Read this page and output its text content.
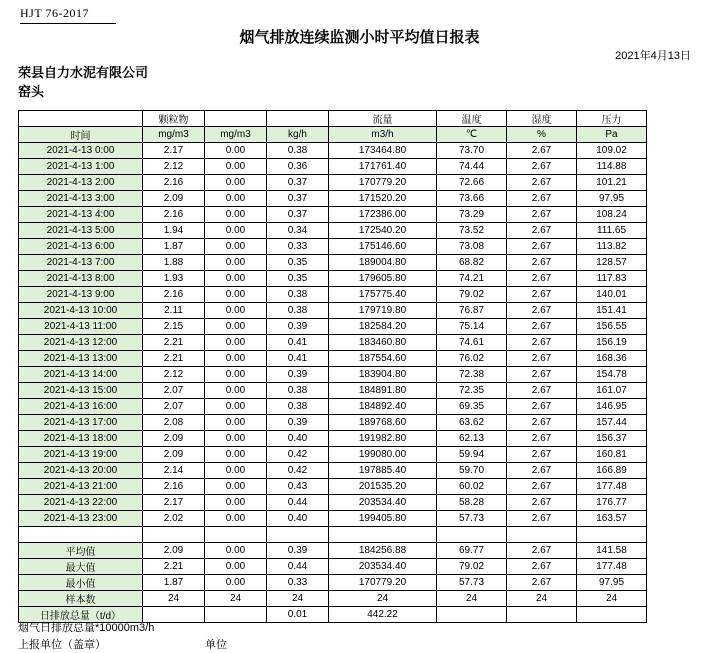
HJT 76-2017
烟气排放连续监测小时平均值日报表
2021年4月13日
荣县自力水泥有限公司
窑头
	颗粒物			流量	温度	湿度	压力
时间	mg/m3	mg/m3	kg/h	m3/h	℃	%	Pa
2021-4-13 0:00	2.17	0.00	0.38	173464.80	73.70	2.67	109.02
2021-4-13 1:00	2.12	0.00	0.36	171761.40	74.44	2.67	114.88
2021-4-13 2:00	2.16	0.00	0.37	170779.20	72.66	2.67	101.21
2021-4-13 3:00	2.09	0.00	0.37	171520.20	73.66	2.67	97.95
2021-4-13 4:00	2.16	0.00	0.37	172386.00	73.29	2.67	108.24
2021-4-13 5:00	1.94	0.00	0.34	172540.20	73.52	2.67	111.65
2021-4-13 6:00	1.87	0.00	0.33	175146.60	73.08	2.67	113.82
2021-4-13 7:00	1.88	0.00	0.35	189004.80	68.82	2.67	128.57
2021-4-13 8:00	1.93	0.00	0.35	179605.80	74.21	2.67	117.83
2021-4-13 9:00	2.16	0.00	0.38	175775.40	79.02	2.67	140.01
2021-4-13 10:00	2.11	0.00	0.38	179719.80	76.87	2.67	151.41
2021-4-13 11:00	2.15	0.00	0.39	182584.20	75.14	2.67	156.55
2021-4-13 12:00	2.21	0.00	0.41	183460.80	74.61	2.67	156.19
2021-4-13 13:00	2.21	0.00	0.41	187554.60	76.02	2.67	168.36
2021-4-13 14:00	2.12	0.00	0.39	183904.80	72.38	2.67	154.78
2021-4-13 15:00	2.07	0.00	0.38	184891.80	72.35	2.67	161.07
2021-4-13 16:00	2.07	0.00	0.38	184892.40	69.35	2.67	146.95
2021-4-13 17:00	2.08	0.00	0.39	189768.60	63.62	2.67	157.44
2021-4-13 18:00	2.09	0.00	0.40	191982.80	62.13	2.67	156.37
2021-4-13 19:00	2.09	0.00	0.42	199080.00	59.94	2.67	160.81
2021-4-13 20:00	2.14	0.00	0.42	197885.40	59.70	2.67	166.89
2021-4-13 21:00	2.16	0.00	0.43	201535.20	60.02	2.67	177.48
2021-4-13 22:00	2.17	0.00	0.44	203534.40	58.28	2.67	176.77
2021-4-13 23:00	2.02	0.00	0.40	199405.80	57.73	2.67	163.57

平均值	2.09	0.00	0.39	184256.88	69.77	2.67	141.58
最大值	2.21	0.00	0.44	203534.40	79.02	2.67	177.48
最小值	1.87	0.00	0.33	170779.20	57.73	2.67	97.95
样本数	24	24	24	24	24	24	24
日排放总量（t/d）			0.01	442.22			
烟气日排放总量*10000m3/h
上报单位（盖章）	单位
